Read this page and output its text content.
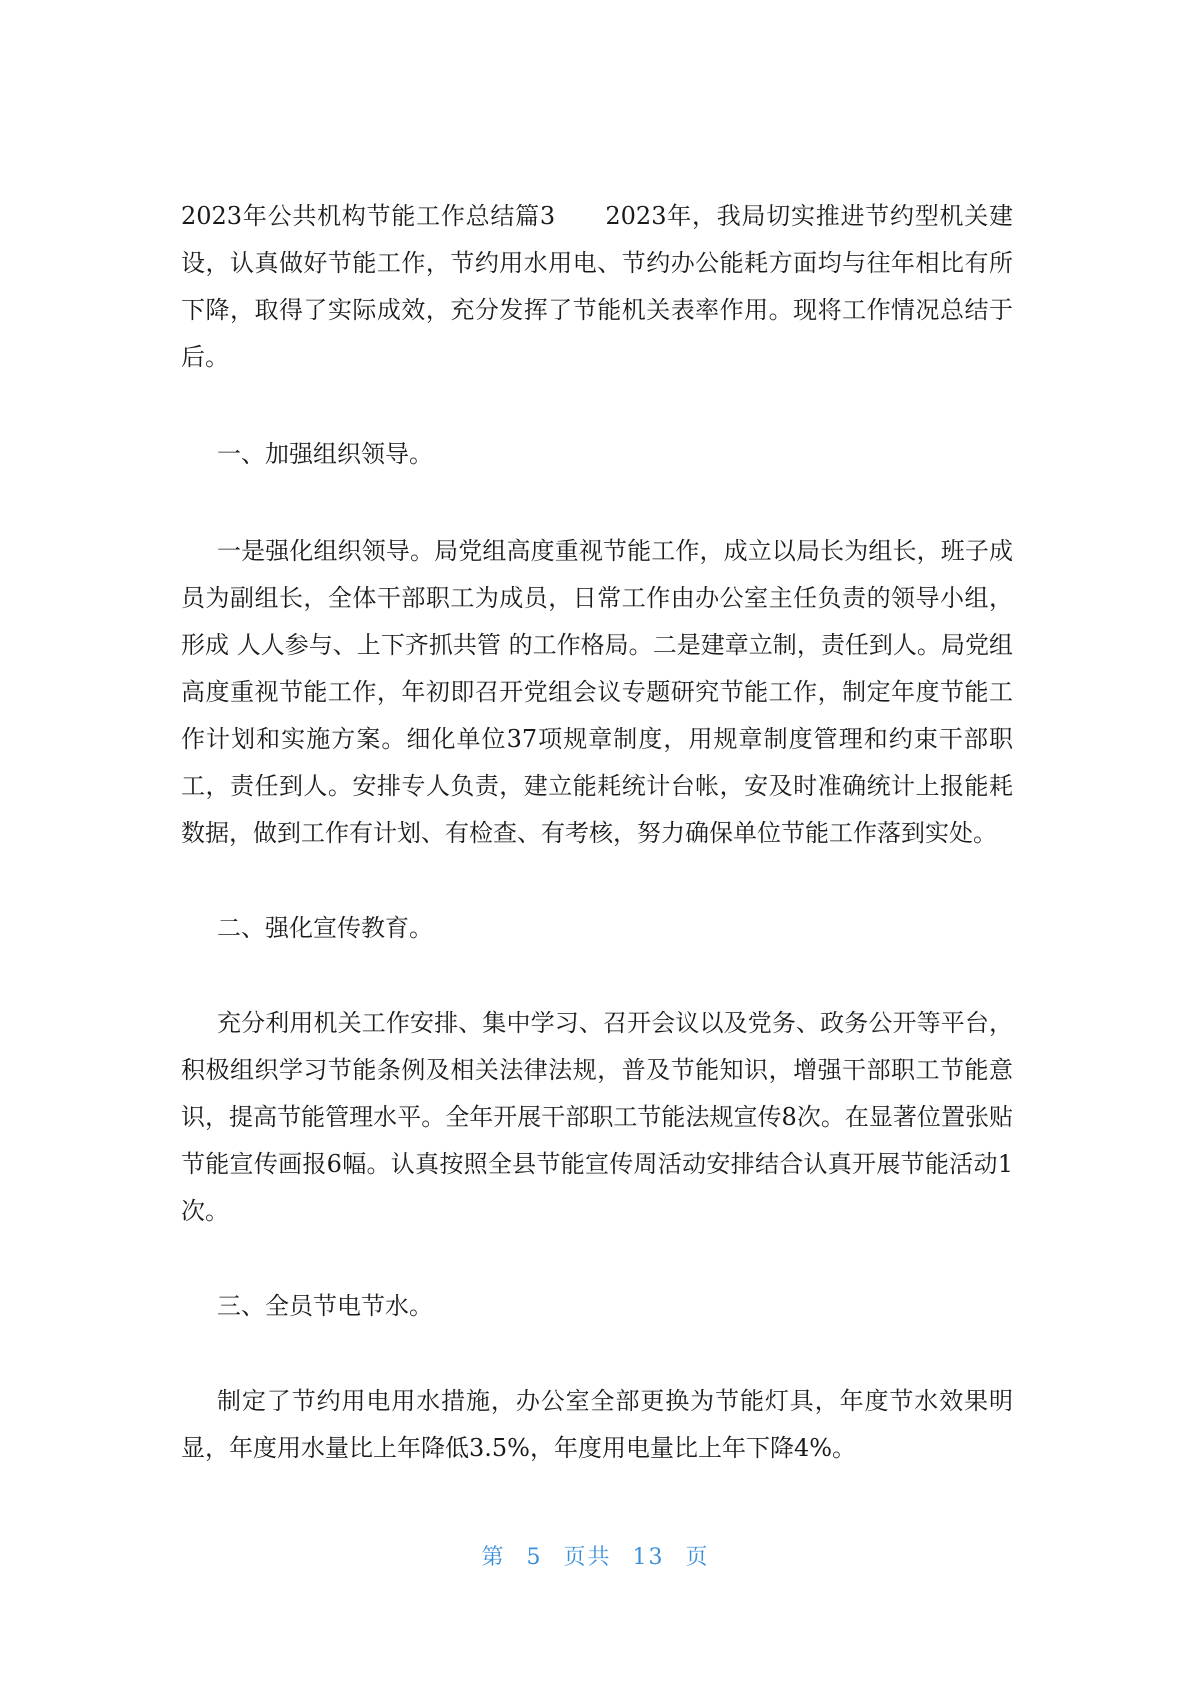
2023年公共机构节能工作总结篇3　　2023年，我局切实推进节约型机关建设，认真做好节能工作，节约用水用电、节约办公能耗方面均与往年相比有所下降，取得了实际成效，充分发挥了节能机关表率作用。现将工作情况总结于后。

一、加强组织领导。

一是强化组织领导。局党组高度重视节能工作，成立以局长为组长，班子成员为副组长，全体干部职工为成员，日常工作由办公室主任负责的领导小组，形成 人人参与、上下齐抓共管 的工作格局。二是建章立制，责任到人。局党组高度重视节能工作，年初即召开党组会议专题研究节能工作，制定年度节能工作计划和实施方案。细化单位37项规章制度，用规章制度管理和约束干部职工，责任到人。安排专人负责，建立能耗统计台帐，安及时准确统计上报能耗数据，做到工作有计划、有检查、有考核，努力确保单位节能工作落到实处。

二、强化宣传教育。

充分利用机关工作安排、集中学习、召开会议以及党务、政务公开等平台，积极组织学习节能条例及相关法律法规，普及节能知识，增强干部职工节能意识，提高节能管理水平。全年开展干部职工节能法规宣传8次。在显著位置张贴节能宣传画报6幅。认真按照全县节能宣传周活动安排结合认真开展节能活动1次。

三、全员节电节水。

制定了节约用电用水措施，办公室全部更换为节能灯具，年度节水效果明显，年度用水量比上年降低3.5%，年度用电量比上年下降4%。

第 5 页共 13 页
